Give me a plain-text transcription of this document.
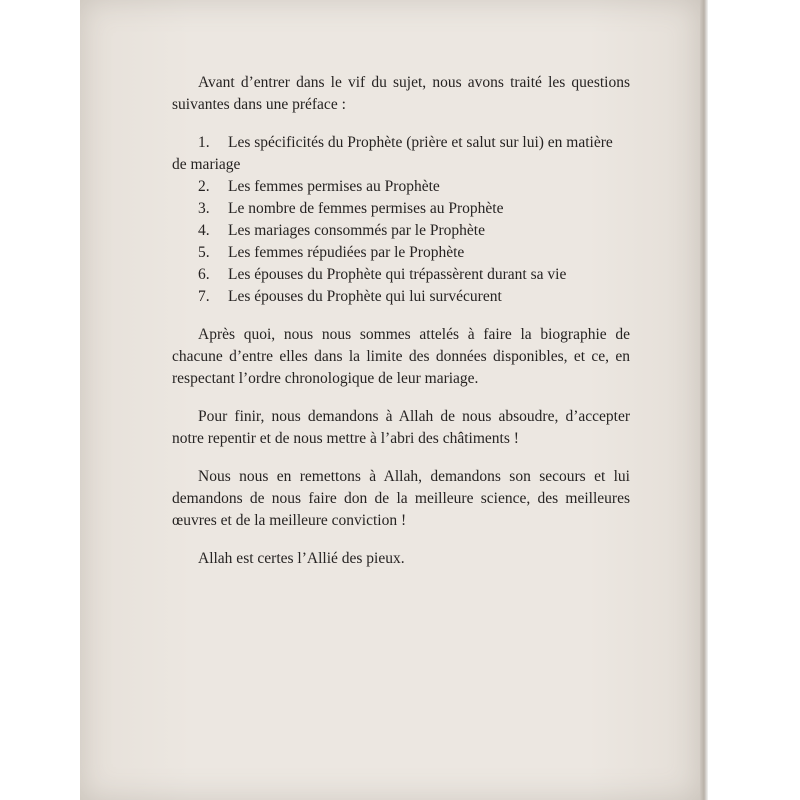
Avant d’entrer dans le vif du sujet, nous avons traité les questions suivantes dans une préface :

1. Les spécificités du Prophète (prière et salut sur lui) en matière de mariage
2. Les femmes permises au Prophète
3. Le nombre de femmes permises au Prophète
4. Les mariages consommés par le Prophète
5. Les femmes répudiées par le Prophète
6. Les épouses du Prophète qui trépassèrent durant sa vie
7. Les épouses du Prophète qui lui survécurent

Après quoi, nous nous sommes attelés à faire la biographie de chacune d’entre elles dans la limite des données disponibles, et ce, en respectant l’ordre chronologique de leur mariage.

Pour finir, nous demandons à Allah de nous absoudre, d’accepter notre repentir et de nous mettre à l’abri des châtiments !

Nous nous en remettons à Allah, demandons son secours et lui demandons de nous faire don de la meilleure science, des meilleures œuvres et de la meilleure conviction !

Allah est certes l’Allié des pieux.
